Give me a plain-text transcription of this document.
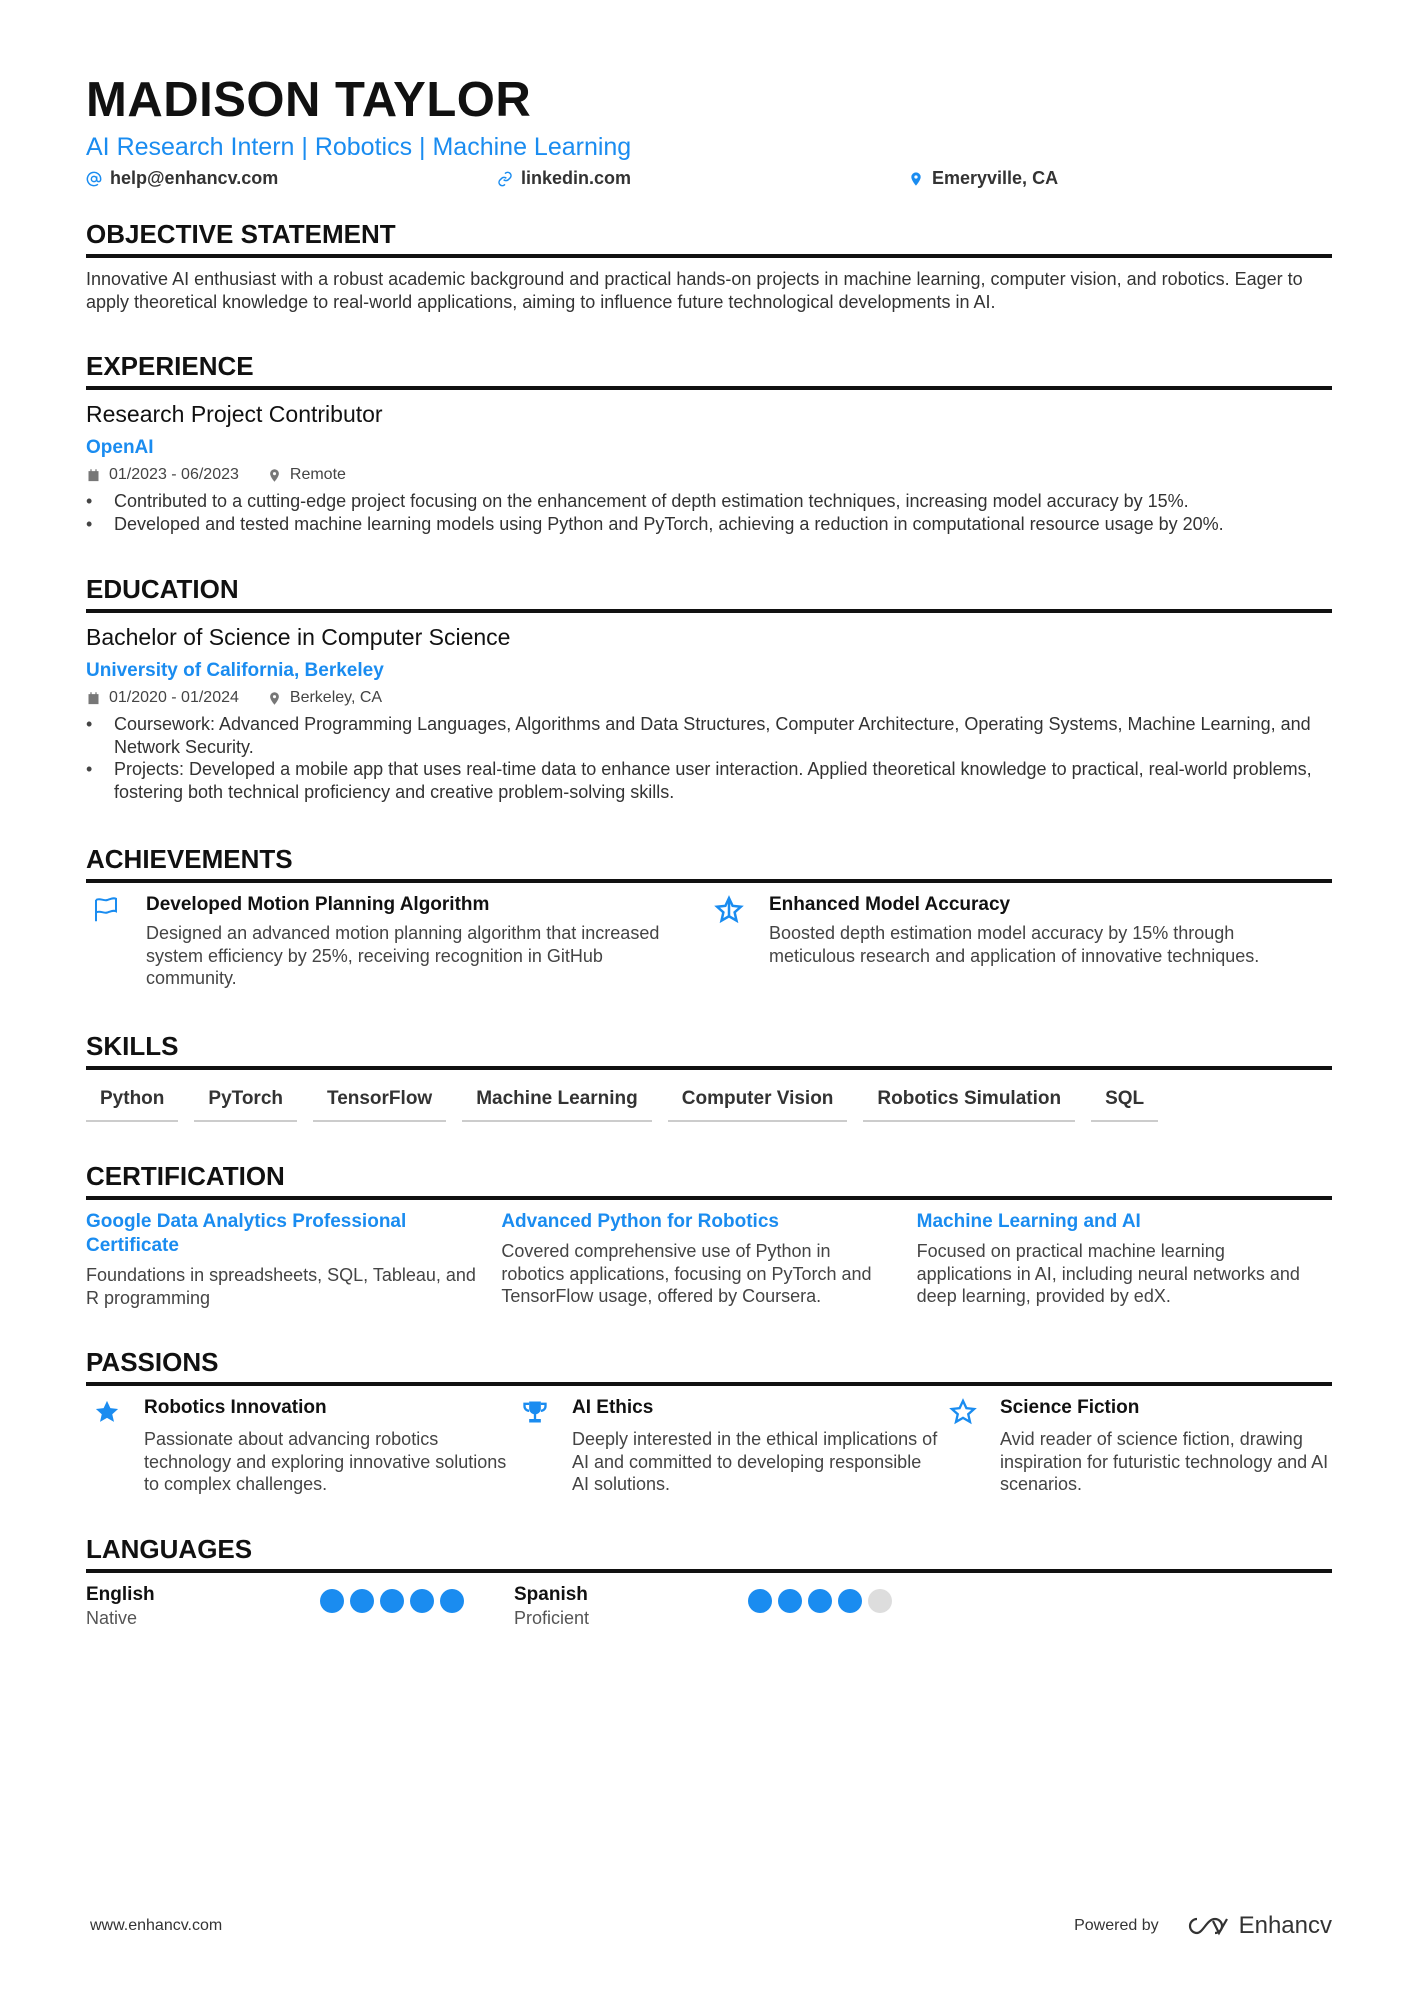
MADISON TAYLOR
AI Research Intern | Robotics | Machine Learning
help@enhancv.com	linkedin.com	Emeryville, CA
OBJECTIVE STATEMENT
Innovative AI enthusiast with a robust academic background and practical hands-on projects in machine learning, computer vision, and robotics. Eager to apply theoretical knowledge to real-world applications, aiming to influence future technological developments in AI.
EXPERIENCE
Research Project Contributor
OpenAI
01/2023 - 06/2023	Remote
• Contributed to a cutting-edge project focusing on the enhancement of depth estimation techniques, increasing model accuracy by 15%.
• Developed and tested machine learning models using Python and PyTorch, achieving a reduction in computational resource usage by 20%.
EDUCATION
Bachelor of Science in Computer Science
University of California, Berkeley
01/2020 - 01/2024	Berkeley, CA
• Coursework: Advanced Programming Languages, Algorithms and Data Structures, Computer Architecture, Operating Systems, Machine Learning, and Network Security.
• Projects: Developed a mobile app that uses real-time data to enhance user interaction. Applied theoretical knowledge to practical, real-world problems, fostering both technical proficiency and creative problem-solving skills.
ACHIEVEMENTS
Developed Motion Planning Algorithm
Designed an advanced motion planning algorithm that increased system efficiency by 25%, receiving recognition in GitHub community.
Enhanced Model Accuracy
Boosted depth estimation model accuracy by 15% through meticulous research and application of innovative techniques.
SKILLS
Python	PyTorch	TensorFlow	Machine Learning	Computer Vision	Robotics Simulation	SQL
CERTIFICATION
Google Data Analytics Professional Certificate
Foundations in spreadsheets, SQL, Tableau, and R programming
Advanced Python for Robotics
Covered comprehensive use of Python in robotics applications, focusing on PyTorch and TensorFlow usage, offered by Coursera.
Machine Learning and AI
Focused on practical machine learning applications in AI, including neural networks and deep learning, provided by edX.
PASSIONS
Robotics Innovation
Passionate about advancing robotics technology and exploring innovative solutions to complex challenges.
AI Ethics
Deeply interested in the ethical implications of AI and committed to developing responsible AI solutions.
Science Fiction
Avid reader of science fiction, drawing inspiration for futuristic technology and AI scenarios.
LANGUAGES
English
Native
Spanish
Proficient
www.enhancv.com	Powered by	Enhancv
